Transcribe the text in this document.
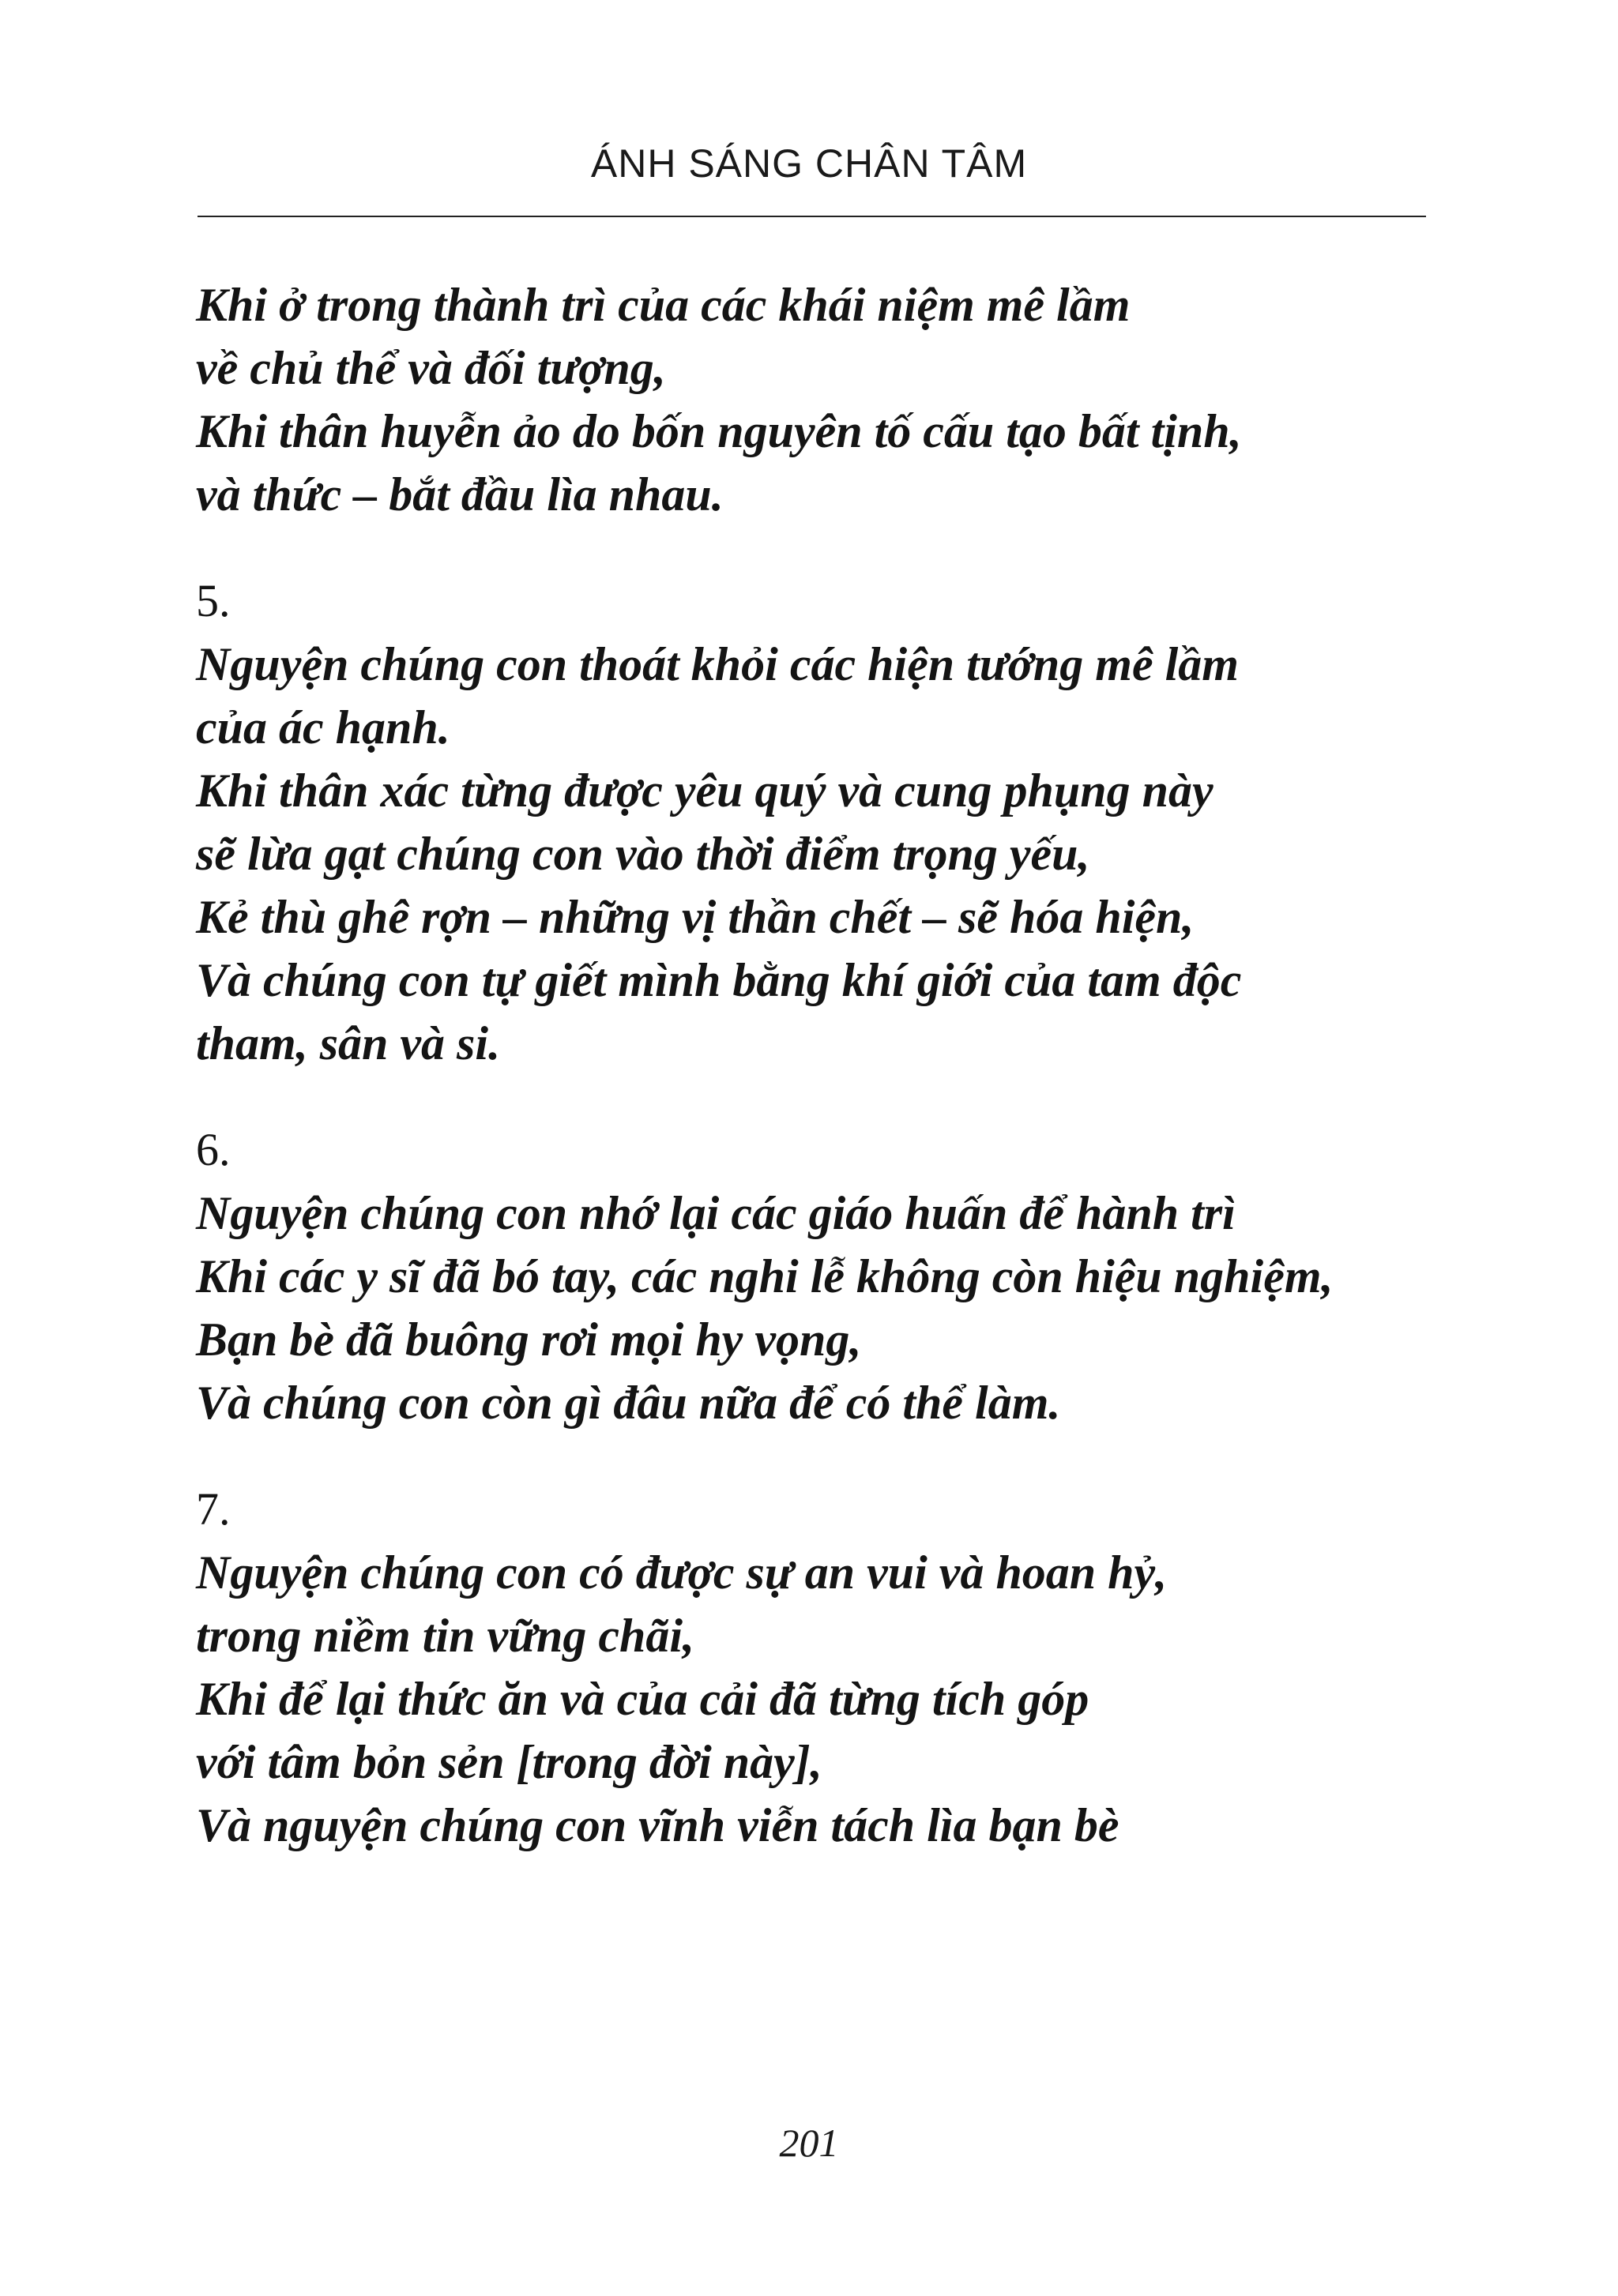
ÁNH SÁNG CHÂN TÂM
Khi ở trong thành trì của các khái niệm mê lầm
về chủ thể và đối tượng,
Khi thân huyễn ảo do bốn nguyên tố cấu tạo bất tịnh,
và thức – bắt đầu lìa nhau.
5.
Nguyện chúng con thoát khỏi các hiện tướng mê lầm
của ác hạnh.
Khi thân xác từng được yêu quý và cung phụng này
sẽ lừa gạt chúng con vào thời điểm trọng yếu,
Kẻ thù ghê rợn – những vị thần chết – sẽ hóa hiện,
Và chúng con tự giết mình bằng khí giới của tam độc
tham, sân và si.
6.
Nguyện chúng con nhớ lại các giáo huấn để hành trì
Khi các y sĩ đã bó tay, các nghi lễ không còn hiệu nghiệm,
Bạn bè đã buông rơi mọi hy vọng,
Và chúng con còn gì đâu nữa để có thể làm.
7.
Nguyện chúng con có được sự an vui và hoan hỷ,
trong niềm tin vững chãi,
Khi để lại thức ăn và của cải đã từng tích góp
với tâm bỏn sẻn [trong đời này],
Và nguyện chúng con vĩnh viễn tách lìa bạn bè
201
